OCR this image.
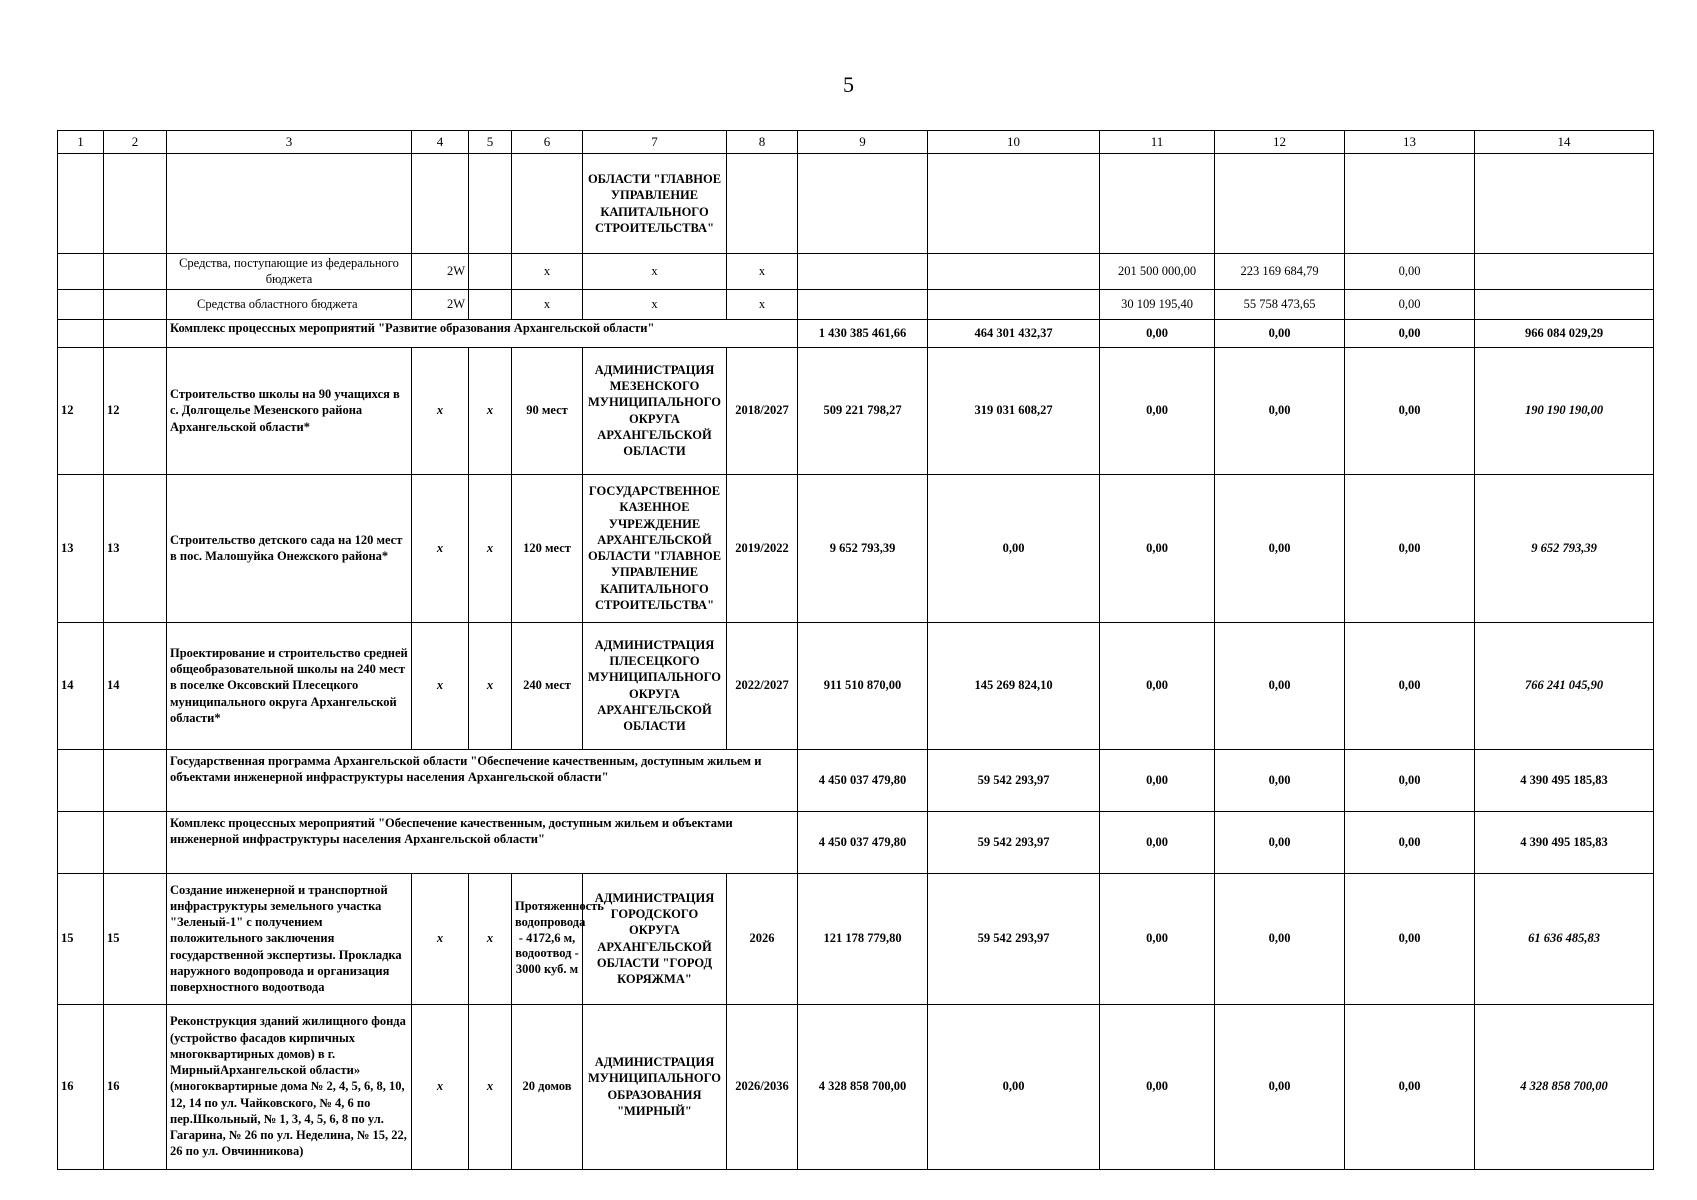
5
1	2	3	4	5	6	7	8	9	10	11	12	13	14
						ОБЛАСТИ "ГЛАВНОЕ УПРАВЛЕНИЕ КАПИТАЛЬНОГО СТРОИТЕЛЬСТВА"							
		Средства, поступающие из федерального бюджета	2W		x	x	x			201 500 000,00	223 169 684,79	0,00	
		Средства областного бюджета	2W		x	x	x			30 109 195,40	55 758 473,65	0,00	
		Комплекс процессных мероприятий "Развитие образования Архангельской области"						1 430 385 461,66	464 301 432,37	0,00	0,00	0,00	966 084 029,29
12	12	Строительство школы на 90 учащихся в с. Долгощелье Мезенского района Архангельской области*	x	x	90 мест	АДМИНИСТРАЦИЯ МЕЗЕНСКОГО МУНИЦИПАЛЬНОГО ОКРУГА АРХАНГЕЛЬСКОЙ ОБЛАСТИ	2018/2027	509 221 798,27	319 031 608,27	0,00	0,00	0,00	190 190 190,00
13	13	Строительство детского сада на 120 мест в пос. Малошуйка Онежского района*	x	x	120 мест	ГОСУДАРСТВЕННОЕ КАЗЕННОЕ УЧРЕЖДЕНИЕ АРХАНГЕЛЬСКОЙ ОБЛАСТИ "ГЛАВНОЕ УПРАВЛЕНИЕ КАПИТАЛЬНОГО СТРОИТЕЛЬСТВА"	2019/2022	9 652 793,39	0,00	0,00	0,00	0,00	9 652 793,39
14	14	Проектирование и строительство средней общеобразовательной школы на 240 мест в поселке Оксовский Плесецкого муниципального округа Архангельской области*	x	x	240 мест	АДМИНИСТРАЦИЯ ПЛЕСЕЦКОГО МУНИЦИПАЛЬНОГО ОКРУГА АРХАНГЕЛЬСКОЙ ОБЛАСТИ	2022/2027	911 510 870,00	145 269 824,10	0,00	0,00	0,00	766 241 045,90
		Государственная программа Архангельской области "Обеспечение качественным, доступным жильем и объектами инженерной инфраструктуры населения Архангельской области"						4 450 037 479,80	59 542 293,97	0,00	0,00	0,00	4 390 495 185,83
		Комплекс процессных мероприятий "Обеспечение качественным, доступным жильем и объектами инженерной инфраструктуры населения Архангельской области"						4 450 037 479,80	59 542 293,97	0,00	0,00	0,00	4 390 495 185,83
15	15	Создание инженерной и транспортной инфраструктуры земельного участка "Зеленый-1" с получением положительного заключения государственной экспертизы. Прокладка наружного водопровода и организация поверхностного водоотвода	x	x	Протяженность водопровода - 4172,6 м, водоотвод - 3000 куб. м	АДМИНИСТРАЦИЯ ГОРОДСКОГО ОКРУГА АРХАНГЕЛЬСКОЙ ОБЛАСТИ "ГОРОД КОРЯЖМА"	2026	121 178 779,80	59 542 293,97	0,00	0,00	0,00	61 636 485,83
16	16	Реконструкция зданий жилищного фонда (устройство фасадов кирпичных многоквартирных домов) в г. МирныйАрхангельской области» (многоквартирные дома № 2, 4, 5, 6, 8, 10, 12, 14 по ул. Чайковского, № 4, 6 по пер.Школьный, № 1, 3, 4, 5, 6, 8 по ул. Гагарина, № 26 по ул. Неделина, № 15, 22, 26 по ул. Овчинникова)	x	x	20 домов	АДМИНИСТРАЦИЯ МУНИЦИПАЛЬНОГО ОБРАЗОВАНИЯ "МИРНЫЙ"	2026/2036	4 328 858 700,00	0,00	0,00	0,00	0,00	4 328 858 700,00
